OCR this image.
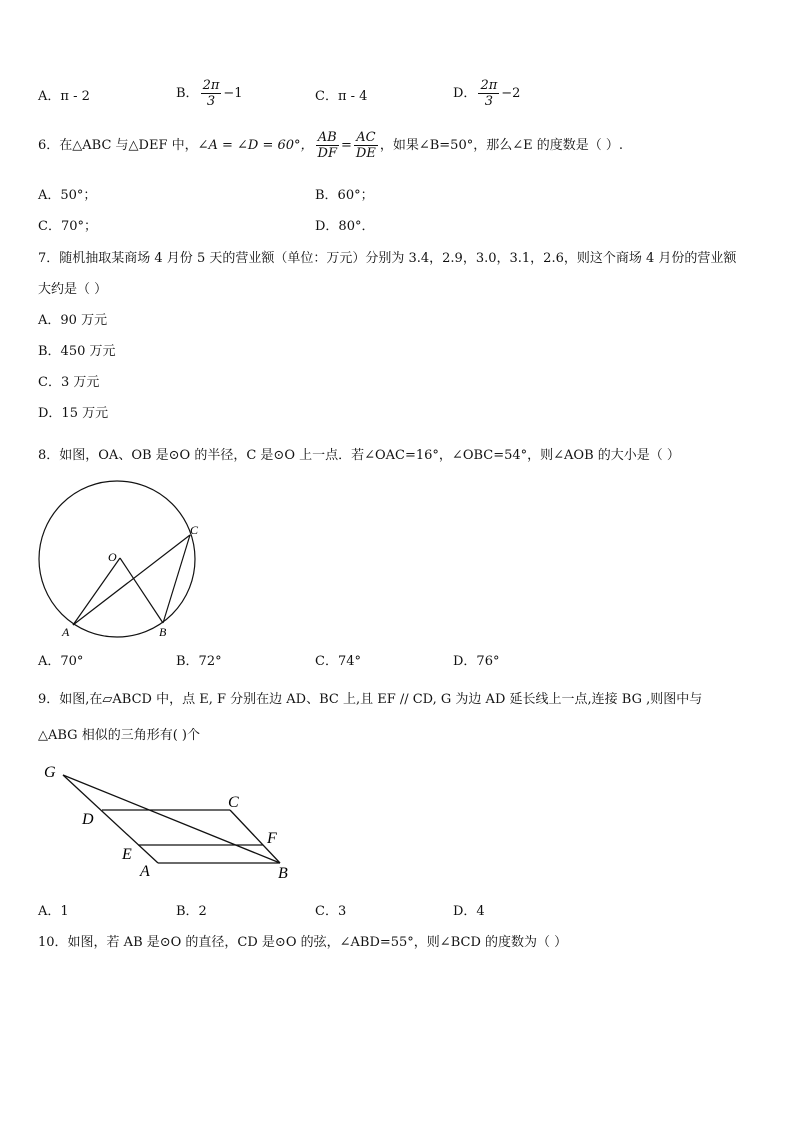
A．π - 2	B． $\frac{2\pi}{3} -1$	C．π - 4	D． $\frac{2\pi}{3} -2$
6．在△ABC 与△DEF 中，∠A = ∠D = 60°， $\frac{AB}{DF} = \frac{AC}{DE}$ ，如果∠B=50°，那么∠E 的度数是（ ）.
A．50°；	B．60°；
C．70°；	D．80°．
7．随机抽取某商场 4 月份 5 天的营业额（单位：万元）分别为 3.4，2.9，3.0，3.1，2.6，则这个商场 4 月份的营业额
大约是（ ）
A．90 万元
B．450 万元
C．3 万元
D．15 万元
8．如图，OA、OB 是⊙O 的半径，C 是⊙O 上一点．若∠OAC=16°，∠OBC=54°，则∠AOB 的大小是（ ）
O
A	B
C
A．70°	B．72°	C．74°	D．76°
9．如图,在▱ABCD 中，点 E, F 分别在边 AD、BC 上,且 EF // CD, G 为边 AD 延长线上一点,连接 BG ,则图中与
△ABG 相似的三角形有( )个
G
C
D
F
E
A	B
A．1	B．2	C．3	D．4
10．如图，若 AB 是⊙O 的直径，CD 是⊙O 的弦，∠ABD=55°，则∠BCD 的度数为（ ）
